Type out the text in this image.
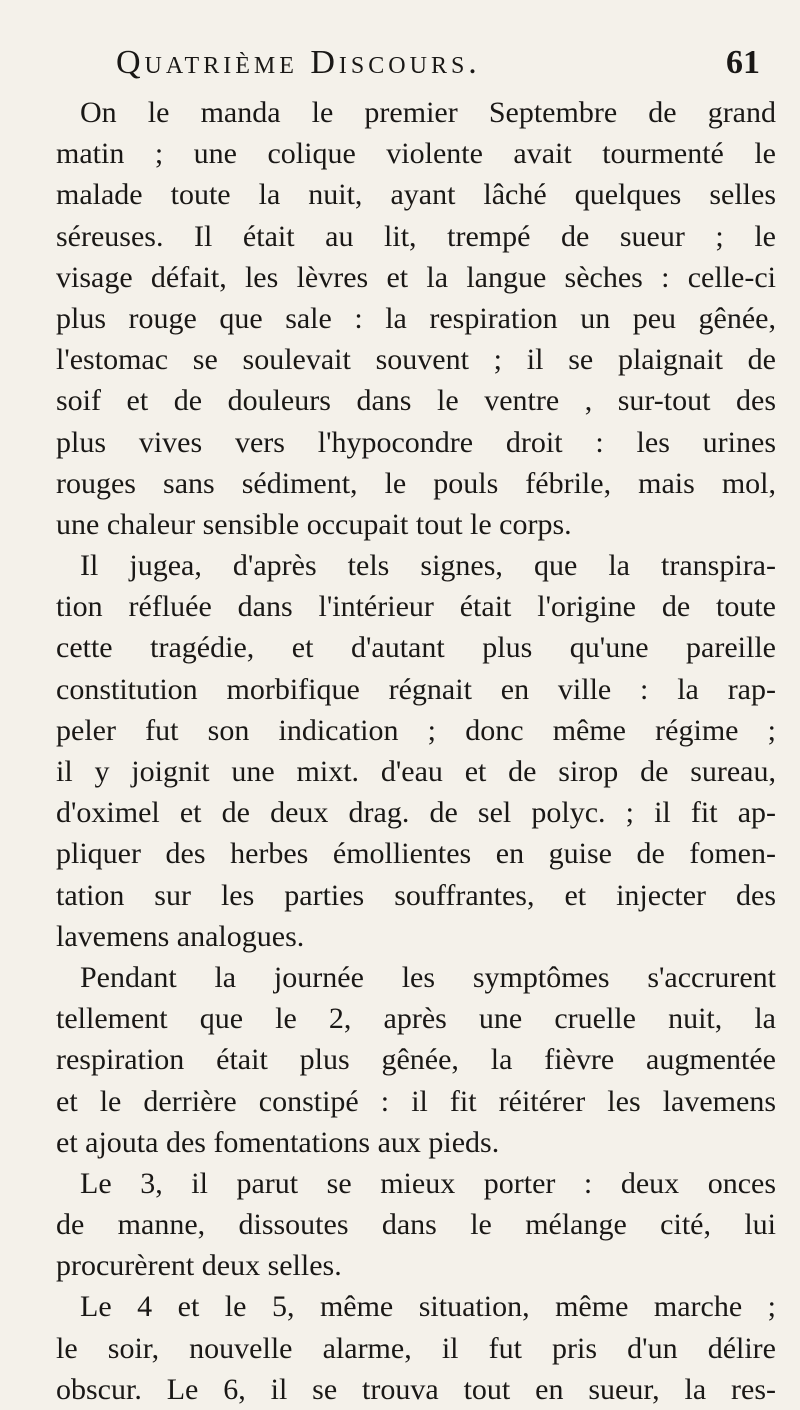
Quatrième Discours.	61
On le manda le premier Septembre de grand
matin ; une colique violente avait tourmenté le
malade toute la nuit, ayant lâché quelques selles
séreuses. Il était au lit, trempé de sueur ; le
visage défait, les lèvres et la langue sèches : celle-ci
plus rouge que sale : la respiration un peu gênée,
l'estomac se soulevait souvent ; il se plaignait de
soif et de douleurs dans le ventre , sur-tout des
plus vives vers l'hypocondre droit : les urines
rouges sans sédiment, le pouls fébrile, mais mol,
une chaleur sensible occupait tout le corps.
Il jugea, d'après tels signes, que la transpira-
tion réfluée dans l'intérieur était l'origine de toute
cette tragédie, et d'autant plus qu'une pareille
constitution morbifique régnait en ville : la rap-
peler fut son indication ; donc même régime ;
il y joignit une mixt. d'eau et de sirop de sureau,
d'oximel et de deux drag. de sel polyc. ; il fit ap-
pliquer des herbes émollientes en guise de fomen-
tation sur les parties souffrantes, et injecter des
lavemens analogues.
Pendant la journée les symptômes s'accrurent
tellement que le 2, après une cruelle nuit, la
respiration était plus gênée, la fièvre augmentée
et le derrière constipé : il fit réitérer les lavemens
et ajouta des fomentations aux pieds.
Le 3, il parut se mieux porter : deux onces
de manne, dissoutes dans le mélange cité, lui
procurèrent deux selles.
Le 4 et le 5, même situation, même marche ;
le soir, nouvelle alarme, il fut pris d'un délire
obscur. Le 6, il se trouva tout en sueur, la res-
